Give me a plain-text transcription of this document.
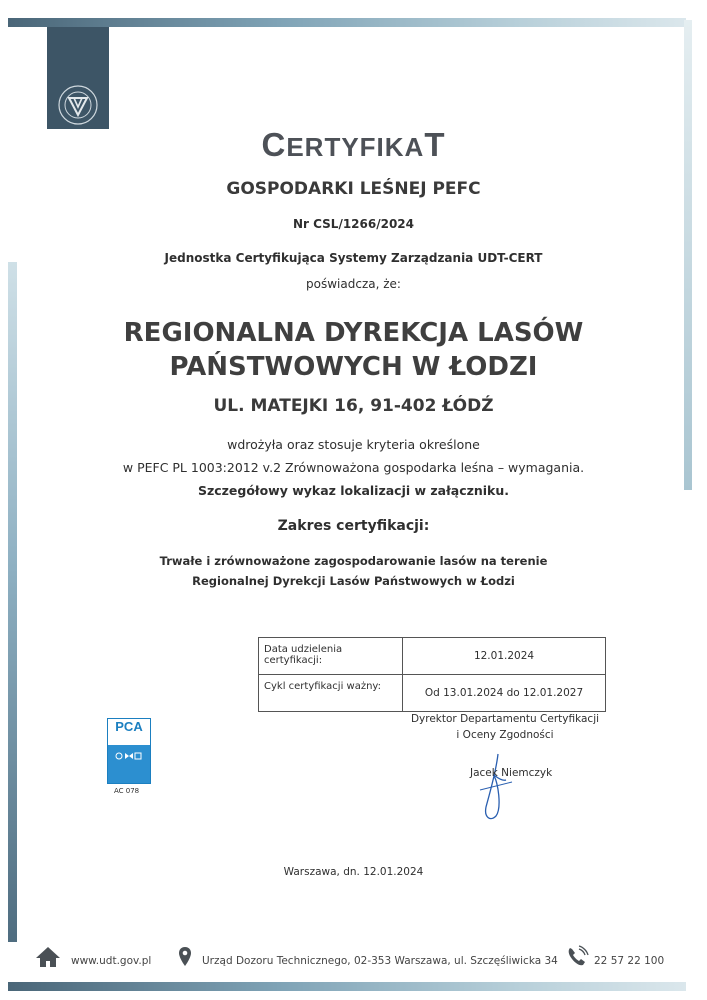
CERTYFIKAT
GOSPODARKI LEŚNEJ PEFC
Nr CSL/1266/2024
Jednostka Certyfikująca Systemy Zarządzania UDT-CERT
poświadcza, że:
REGIONALNA DYREKCJA LASÓW
PAŃSTWOWYCH W ŁODZI
UL. MATEJKI 16, 91-402 ŁÓDŹ
wdrożyła oraz stosuje kryteria określone
w PEFC PL 1003:2012 v.2 Zrównoważona gospodarka leśna – wymagania.
Szczegółowy wykaz lokalizacji w załączniku.
Zakres certyfikacji:
Trwałe i zrównoważone zagospodarowanie lasów na terenie
Regionalnej Dyrekcji Lasów Państwowych w Łodzi
Data udzielenia certyfikacji:	12.01.2024
Cykl certyfikacji ważny:	Od 13.01.2024 do 12.01.2027
Dyrektor Departamentu Certyfikacji
i Oceny Zgodności
Jacek Niemczyk
PCA
AC 078
Warszawa, dn. 12.01.2024
www.udt.gov.pl	Urząd Dozoru Technicznego, 02-353 Warszawa, ul. Szczęśliwicka 34	22 57 22 100
